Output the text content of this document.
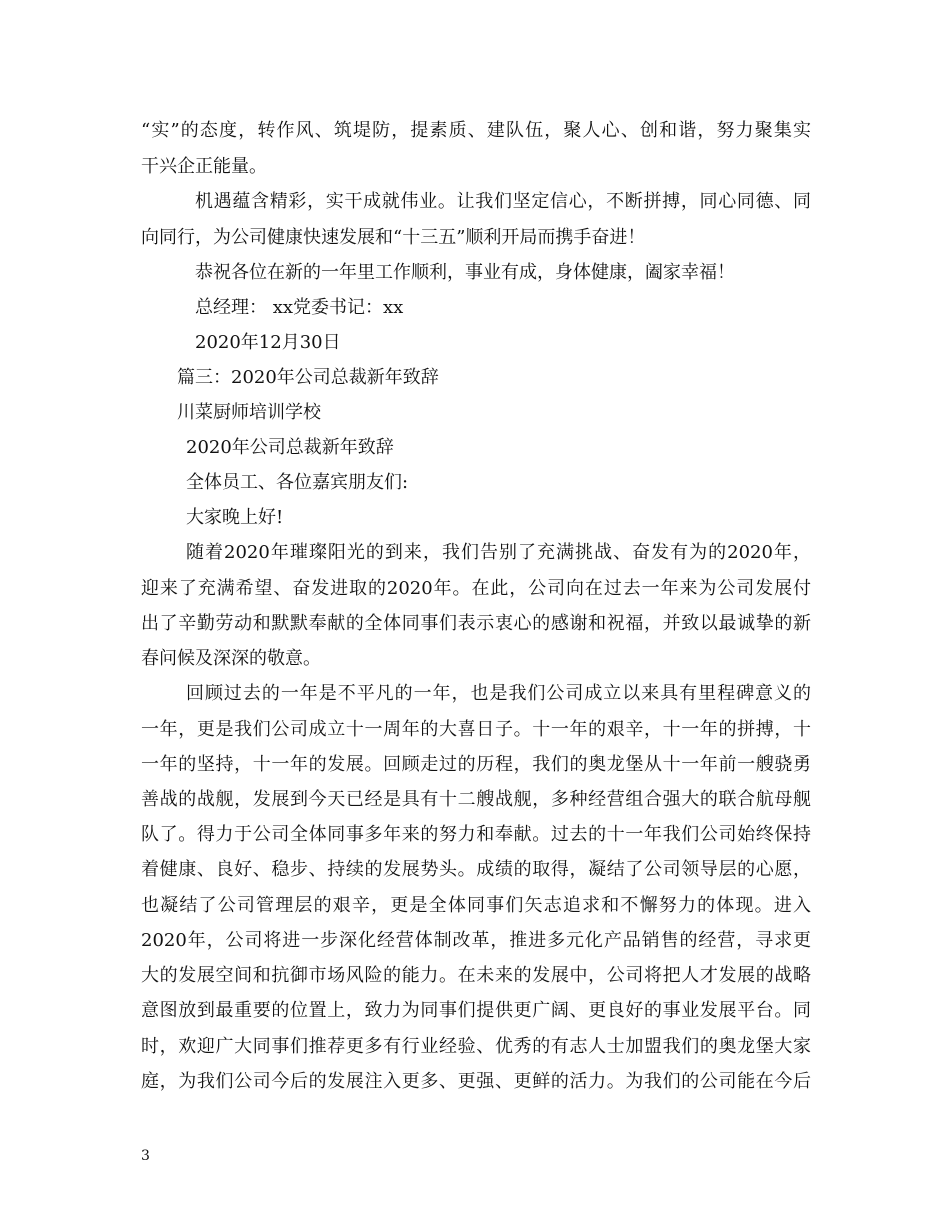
“实”的态度，转作风、筑堤防，提素质、建队伍，聚人心、创和谐，努力聚集实
干兴企正能量。
机遇蕴含精彩，实干成就伟业。让我们坚定信心，不断拼搏，同心同德、同
向同行，为公司健康快速发展和“十三五”顺利开局而携手奋进！
恭祝各位在新的一年里工作顺利，事业有成，身体健康，阖家幸福！
总经理： xx党委书记：xx
2020年12月30日
篇三：2020年公司总裁新年致辞
川菜厨师培训学校
2020年公司总裁新年致辞
全体员工、各位嘉宾朋友们:
大家晚上好!
随着2020年璀璨阳光的到来，我们告别了充满挑战、奋发有为的2020年，
迎来了充满希望、奋发进取的2020年。在此，公司向在过去一年来为公司发展付
出了辛勤劳动和默默奉献的全体同事们表示衷心的感谢和祝福，并致以最诚挚的新
春问候及深深的敬意。
回顾过去的一年是不平凡的一年，也是我们公司成立以来具有里程碑意义的
一年，更是我们公司成立十一周年的大喜日子。十一年的艰辛，十一年的拼搏，十
一年的坚持，十一年的发展。回顾走过的历程，我们的奥龙堡从十一年前一艘骁勇
善战的战舰，发展到今天已经是具有十二艘战舰，多种经营组合强大的联合航母舰
队了。得力于公司全体同事多年来的努力和奉献。过去的十一年我们公司始终保持
着健康、良好、稳步、持续的发展势头。成绩的取得，凝结了公司领导层的心愿，
也凝结了公司管理层的艰辛，更是全体同事们矢志追求和不懈努力的体现。进入
2020年，公司将进一步深化经营体制改革，推进多元化产品销售的经营，寻求更
大的发展空间和抗御市场风险的能力。在未来的发展中，公司将把人才发展的战略
意图放到最重要的位置上，致力为同事们提供更广阔、更良好的事业发展平台。同
时，欢迎广大同事们推荐更多有行业经验、优秀的有志人士加盟我们的奥龙堡大家
庭，为我们公司今后的发展注入更多、更强、更鲜的活力。为我们的公司能在今后
3
